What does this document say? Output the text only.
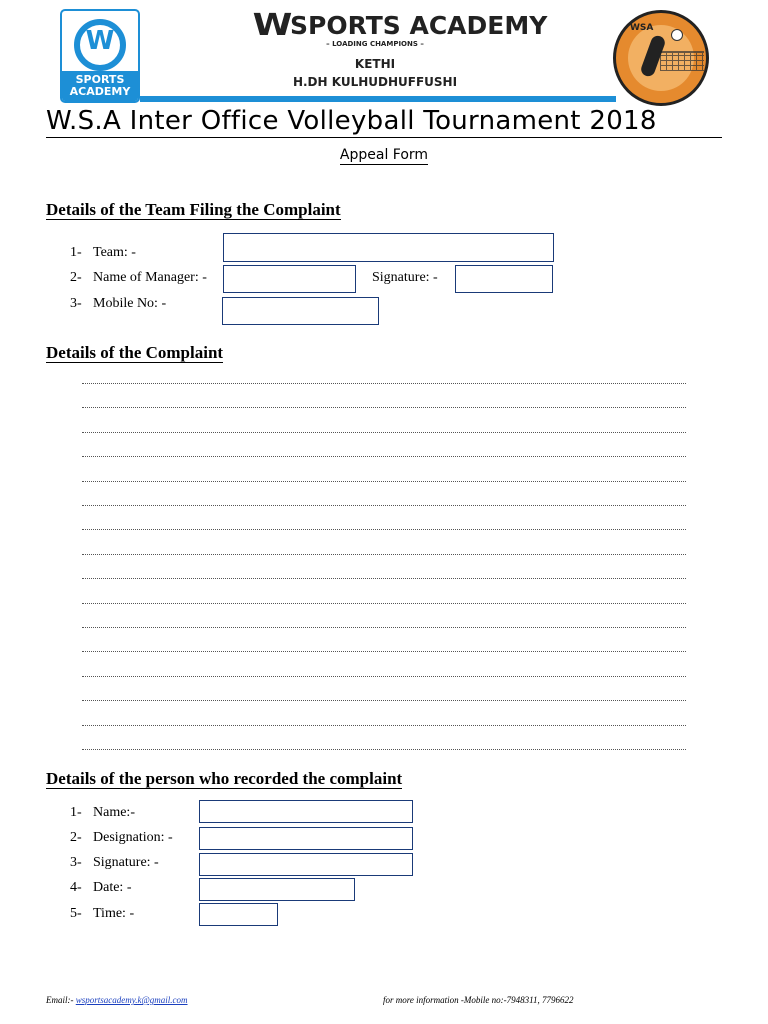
W
SPORTS
ACADEMY
WSPORTS ACADEMY
– LOADING CHAMPIONS –
KETHI
H.DH KULHUDHUFFUSHI
WSA
W.S.A Inter Office Volleyball Tournament 2018
Appeal Form
Details of the Team Filing the Complaint
1- Team: -
2- Name of Manager: -	Signature: -
3- Mobile No: -
Details of the Complaint
Details of the person who recorded the complaint
1- Name:-
2- Designation: -
3- Signature: -
4- Date: -
5- Time: -
Email:- wsportsacademy.k@gmail.com	for more information -Mobile no:-7948311, 7796622
